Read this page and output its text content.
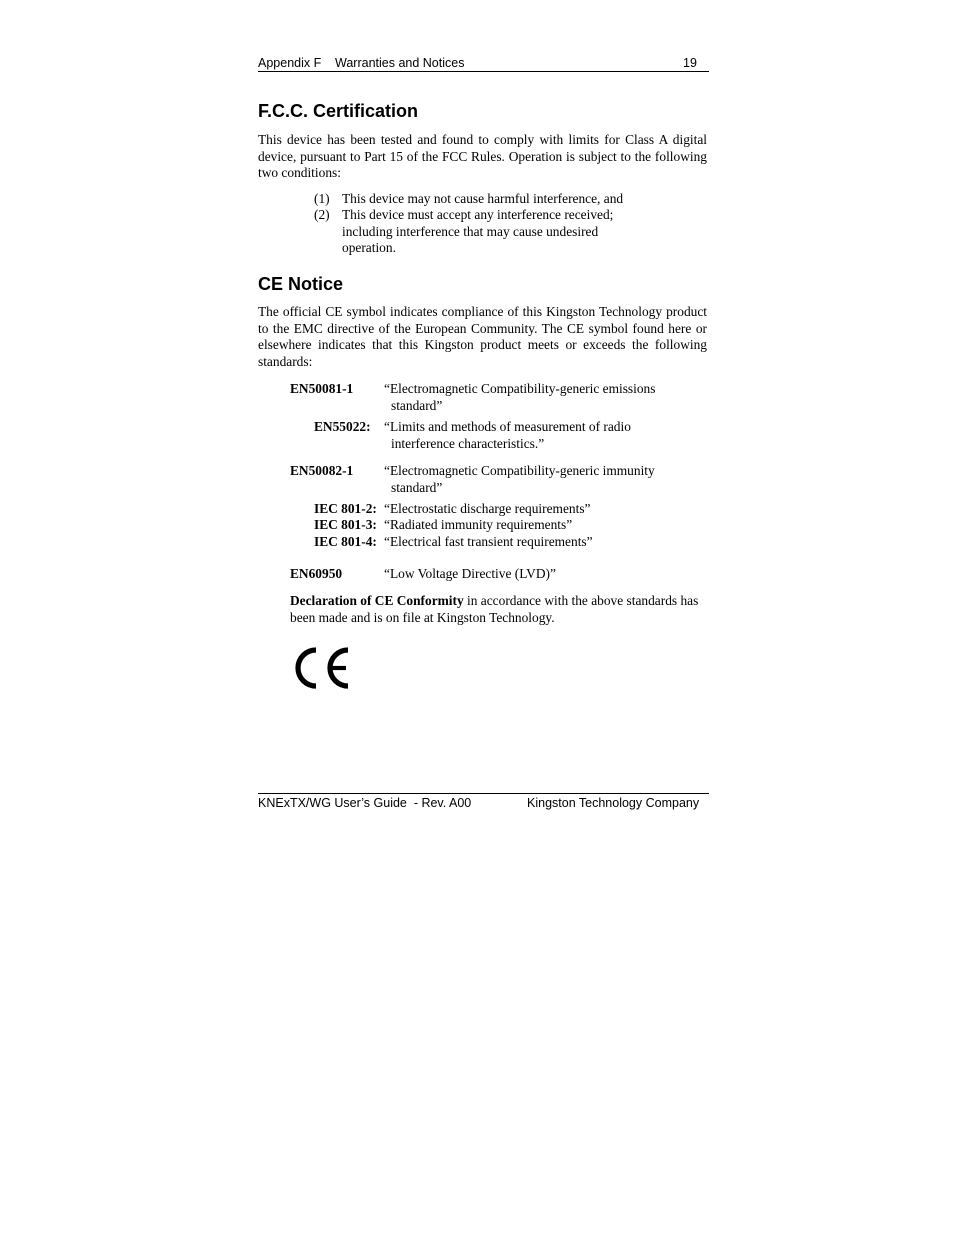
Appendix F Warranties and Notices	19
F.C.C. Certification
This device has been tested and found to comply with limits for Class A digital device, pursuant to Part 15 of the FCC Rules. Operation is subject to the following two conditions:
(1) This device may not cause harmful interference, and
(2) This device must accept any interference received; including interference that may cause undesired operation.
CE Notice
The official CE symbol indicates compliance of this Kingston Technology product to the EMC directive of the European Community. The CE symbol found here or elsewhere indicates that this Kingston product meets or exceeds the following standards:
EN50081-1 “Electromagnetic Compatibility-generic emissions
standard”
EN55022: “Limits and methods of measurement of radio
interference characteristics.”
EN50082-1 “Electromagnetic Compatibility-generic immunity
standard”
IEC 801-2: “Electrostatic discharge requirements”
IEC 801-3: “Radiated immunity requirements”
IEC 801-4: “Electrical fast transient requirements”
EN60950	“Low Voltage Directive (LVD)”
Declaration of CE Conformity in accordance with the above standards has been made and is on file at Kingston Technology.
KNExTX/WG User’s Guide  - Rev. A00	Kingston Technology Company
